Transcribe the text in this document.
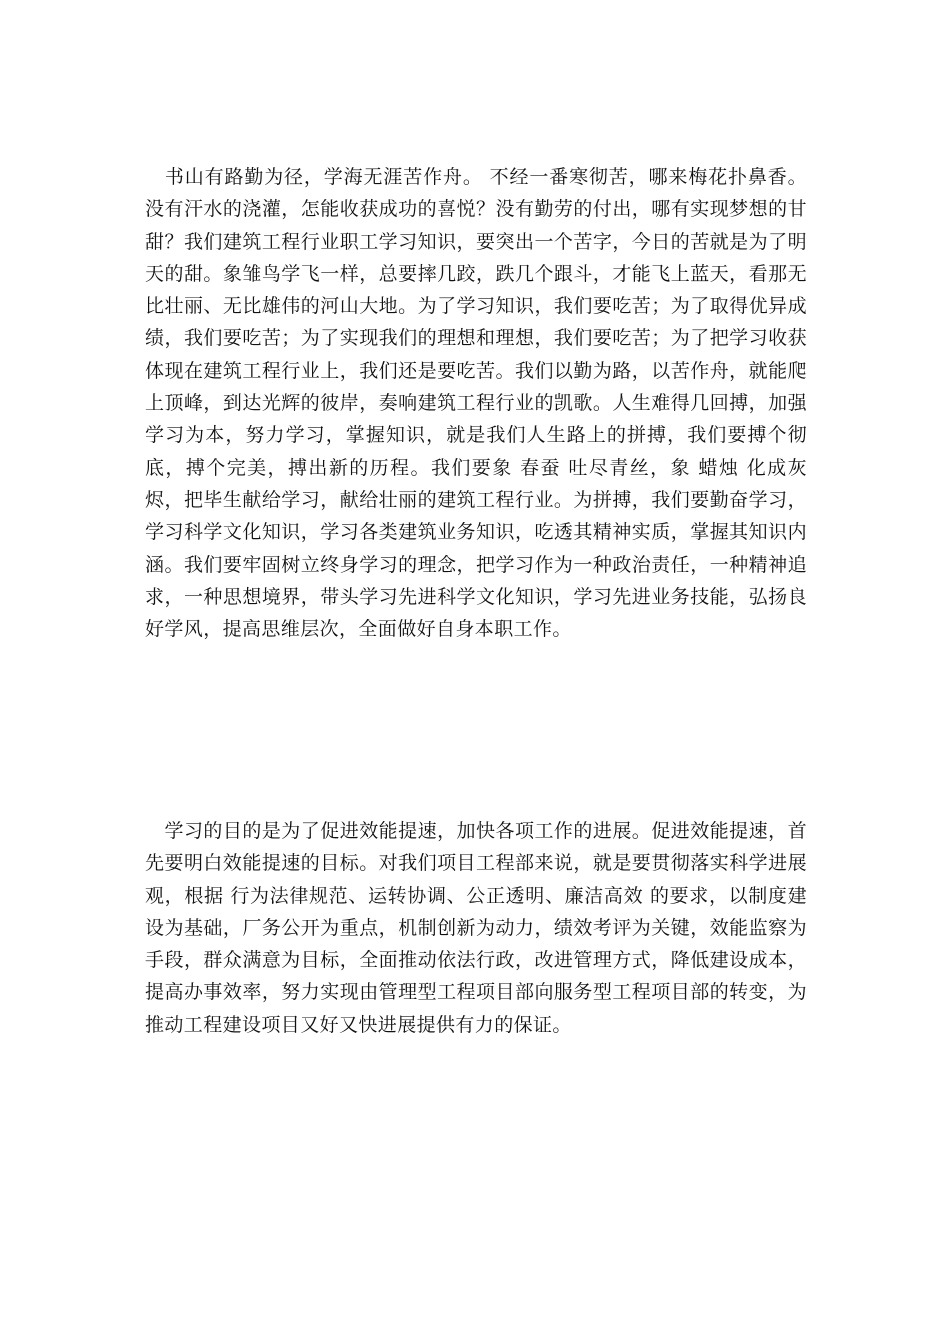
　书山有路勤为径，学海无涯苦作舟。 不经一番寒彻苦，哪来梅花扑鼻香。没有汗水的浇灌，怎能收获成功的喜悦？没有勤劳的付出，哪有实现梦想的甘甜？我们建筑工程行业职工学习知识，要突出一个苦字，今日的苦就是为了明天的甜。象雏鸟学飞一样，总要摔几跤，跌几个跟斗，才能飞上蓝天，看那无比壮丽、无比雄伟的河山大地。为了学习知识，我们要吃苦；为了取得优异成绩，我们要吃苦；为了实现我们的理想和理想，我们要吃苦；为了把学习收获体现在建筑工程行业上，我们还是要吃苦。我们以勤为路，以苦作舟，就能爬上顶峰，到达光辉的彼岸，奏响建筑工程行业的凯歌。人生难得几回搏，加强学习为本，努力学习，掌握知识，就是我们人生路上的拼搏，我们要搏个彻底，搏个完美，搏出新的历程。我们要象 春蚕 吐尽青丝，象 蜡烛 化成灰烬，把毕生献给学习，献给壮丽的建筑工程行业。为拼搏，我们要勤奋学习，学习科学文化知识，学习各类建筑业务知识，吃透其精神实质，掌握其知识内涵。我们要牢固树立终身学习的理念，把学习作为一种政治责任，一种精神追求，一种思想境界，带头学习先进科学文化知识，学习先进业务技能，弘扬良好学风，提高思维层次，全面做好自身本职工作。

　学习的目的是为了促进效能提速，加快各项工作的进展。促进效能提速，首先要明白效能提速的目标。对我们项目工程部来说，就是要贯彻落实科学进展观，根据 行为法律规范、运转协调、公正透明、廉洁高效 的要求，以制度建设为基础，厂务公开为重点，机制创新为动力，绩效考评为关键，效能监察为手段，群众满意为目标，全面推动依法行政，改进管理方式，降低建设成本，提高办事效率，努力实现由管理型工程项目部向服务型工程项目部的转变，为推动工程建设项目又好又快进展提供有力的保证。
